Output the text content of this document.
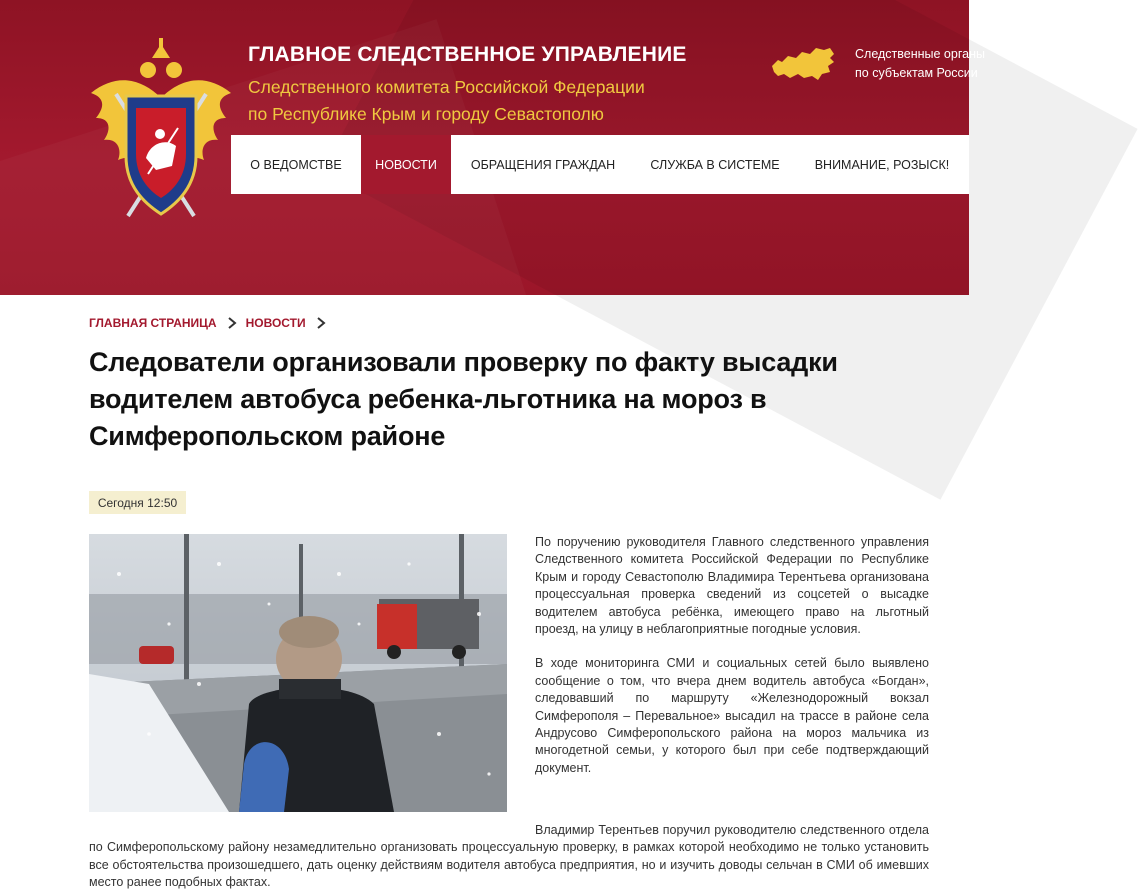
ГЛАВНОЕ СЛЕДСТВЕННОЕ УПРАВЛЕНИЕ
Следственного комитета Российской Федерации
по Республике Крым и городу Севастополю
Следственные органы
по субъектам России
О ВЕДОМСТВЕ	НОВОСТИ	ОБРАЩЕНИЯ ГРАЖДАН	СЛУЖБА В СИСТЕМЕ	ВНИМАНИЕ, РОЗЫСК!
ГЛАВНАЯ СТРАНИЦА НОВОСТИ
Следователи организовали проверку по факту высадки водителем автобуса ребенка-льготника на мороз в Симферопольском районе
Сегодня 12:50

По поручению руководителя Главного следственного управления Следственного комитета Российской Федерации по Республике Крым и городу Севастополю Владимира Терентьева организована процессуальная проверка сведений из соцсетей о высадке водителем автобуса ребёнка, имеющего право на льготный проезд, на улицу в неблагоприятные погодные условия.

В ходе мониторинга СМИ и социальных сетей было выявлено сообщение о том, что вчера днем водитель автобуса «Богдан», следовавший по маршруту «Железнодорожный вокзал Симферополя – Перевальное» высадил на трассе в районе села Андрусово Симферопольского района на мороз мальчика из многодетной семьи, у которого был при себе подтверждающий документ.

Владимир Терентьев поручил руководителю следственного отдела по Симферопольскому району незамедлительно организовать процессуальную проверку, в рамках которой необходимо не только установить все обстоятельства произошедшего, дать оценку действиям водителя автобуса предприятия, но и изучить доводы сельчан в СМИ об имевших место ранее подобных фактах.
